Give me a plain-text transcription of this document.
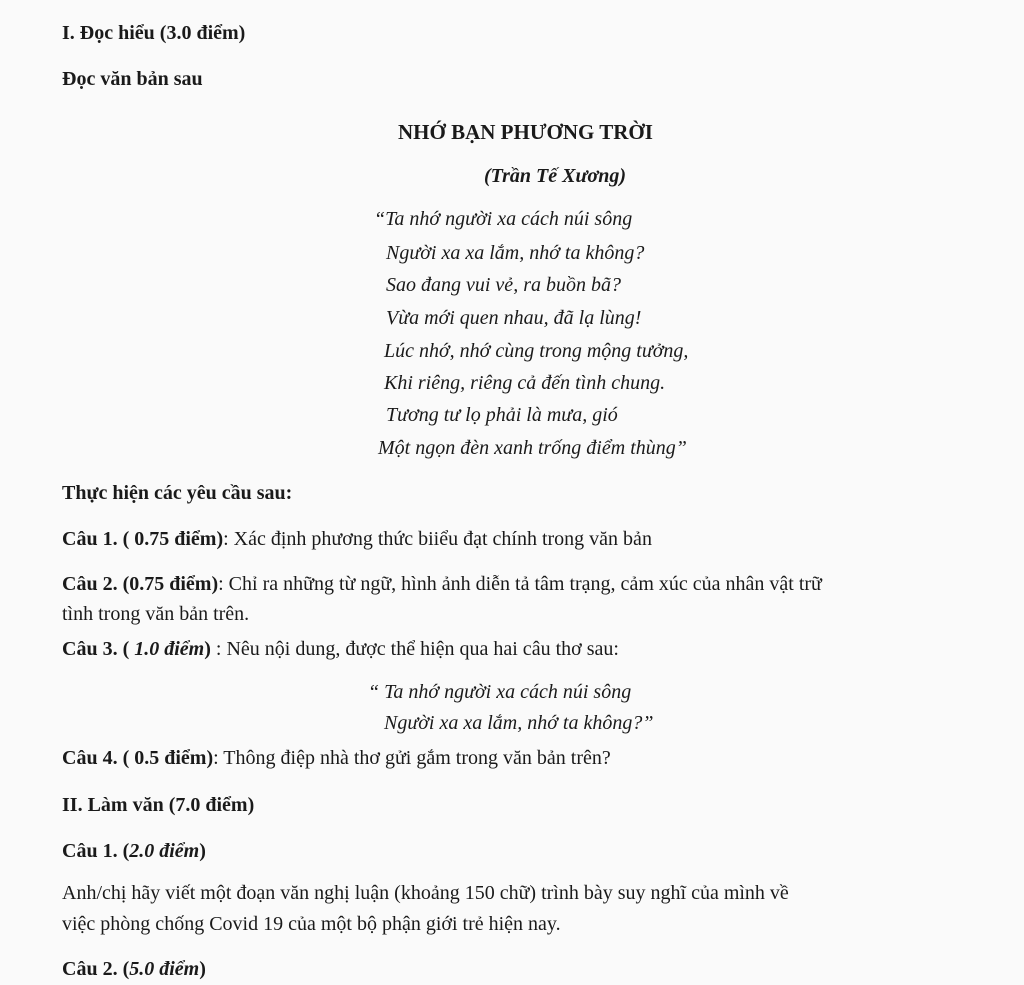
I. Đọc hiểu (3.0 điểm)
Đọc văn bản sau
NHỚ BẠN PHƯƠNG TRỜI
(Trần Tế Xương)
“Ta nhớ người xa cách núi sông
Người xa xa lắm, nhớ ta không?
Sao đang vui vẻ, ra buồn bã?
Vừa mới quen nhau, đã lạ lùng!
Lúc nhớ, nhớ cùng trong mộng tưởng,
Khi riêng, riêng cả đến tình chung.
Tương tư lọ phải là mưa, gió
Một ngọn đèn xanh trống điểm thùng”
Thực hiện các yêu cầu sau:
Câu 1. ( 0.75 điểm): Xác định phương thức biiểu đạt chính trong văn bản
Câu 2. (0.75 điểm): Chỉ ra những từ ngữ, hình ảnh diễn tả tâm trạng, cảm xúc của nhân vật trữ
tình trong văn bản trên.
Câu 3. ( 1.0 điểm) : Nêu nội dung, được thể hiện qua hai câu thơ sau:
“ Ta nhớ người xa cách núi sông
Người xa xa lắm, nhớ ta không?”
Câu 4. ( 0.5 điểm): Thông điệp nhà thơ gửi gắm trong văn bản trên?
II. Làm văn (7.0 điểm)
Câu 1. (2.0 điểm)
Anh/chị hãy viết một đoạn văn nghị luận (khoảng 150 chữ) trình bày suy nghĩ của mình về
việc phòng chống Covid 19 của một bộ phận giới trẻ hiện nay.
Câu 2. (5.0 điểm)
